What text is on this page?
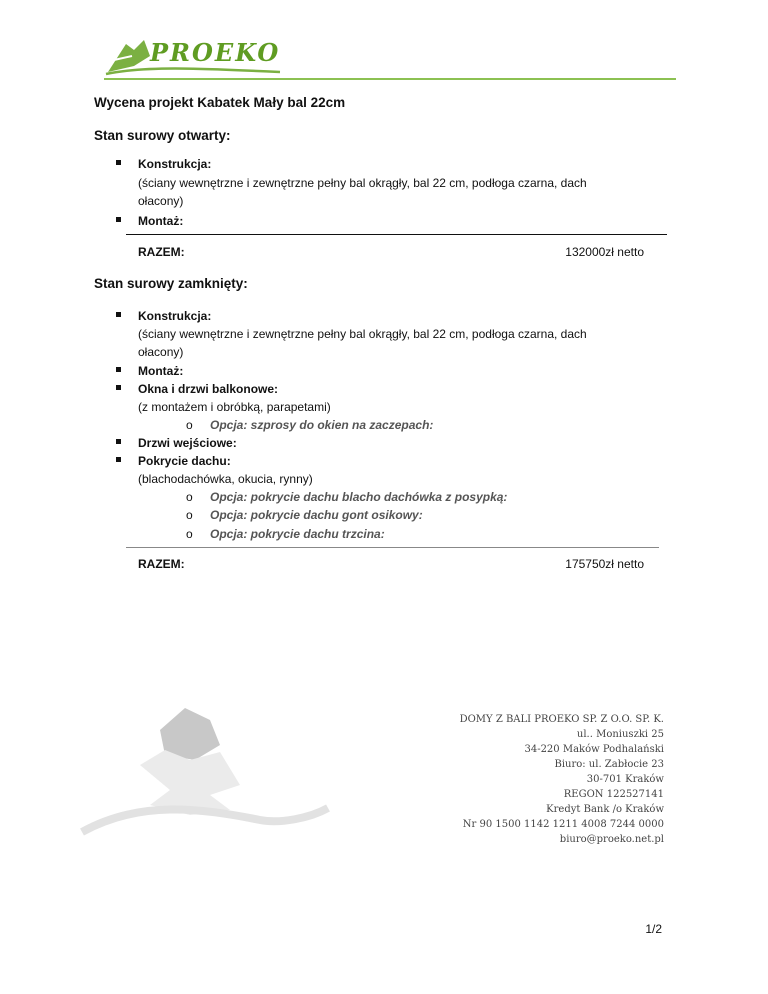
PROEKO
Wycena projekt Kabatek Mały bal 22cm
Stan surowy otwarty:
Konstrukcja:
(ściany wewnętrzne i zewnętrzne pełny bal okrągły, bal 22 cm, podłoga czarna, dach
ołacony)
Montaż:
RAZEM:	132000zł netto
Stan surowy zamknięty:
Konstrukcja:
(ściany wewnętrzne i zewnętrzne pełny bal okrągły, bal 22 cm, podłoga czarna, dach
ołacony)
Montaż:
Okna i drzwi balkonowe:
(z montażem i obróbką, parapetami)
o Opcja: szprosy do okien na zaczepach:
Drzwi wejściowe:
Pokrycie dachu:
(blachodachówka, okucia, rynny)
o Opcja: pokrycie dachu blacho dachówka z posypką:
o Opcja: pokrycie dachu gont osikowy:
o Opcja: pokrycie dachu trzcina:
RAZEM:	175750zł netto
DOMY Z BALI PROEKO SP. Z O.O. SP. K.
ul.. Moniuszki 25
34-220 Maków Podhalański
Biuro: ul. Zabłocie 23
30-701 Kraków
REGON 122527141
Kredyt Bank /o Kraków
Nr 90 1500 1142 1211 4008 7244 0000
biuro@proeko.net.pl
1/2
